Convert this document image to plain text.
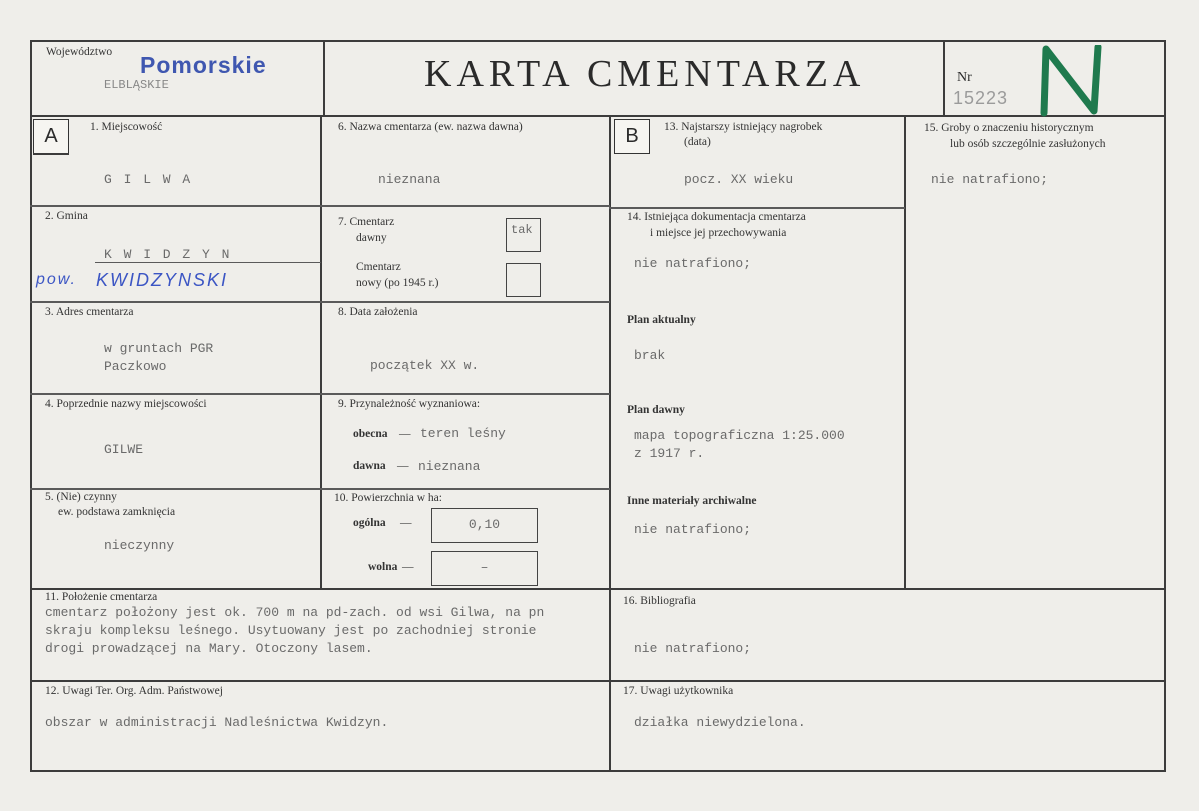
Województwo Pomorskie
ELBLĄSKIE	KARTA CMENTARZA	Nr
15223
A	B
1. Miejscowość
G I L W A
2. Gmina
K W I D Z Y N
pow. KWIDZYNSKI
3. Adres cmentarza
w gruntach PGR
Paczkowo
4. Poprzednie nazwy miejscowości
GILWE
5. (Nie) czynny
ew. podstawa zamknięcia
nieczynny
6. Nazwa cmentarza (ew. nazwa dawna)
nieznana
7. Cmentarz
dawny
tak
Cmentarz
nowy (po 1945 r.)
8. Data założenia
początek XX w.
9. Przynależność wyznaniowa:
obecna — teren leśny
dawna — nieznana
10. Powierzchnia w ha:
ogólna —	0,10
wolna —	–
11. Położenie cmentarza
cmentarz położony jest ok. 700 m na pd-zach. od wsi Gilwa, na pn
skraju kompleksu leśnego. Usytuowany jest po zachodniej stronie
drogi prowadzącej na Mary. Otoczony lasem.
12. Uwagi Ter. Org. Adm. Państwowej
obszar w administracji Nadleśnictwa Kwidzyn.
13. Najstarszy istniejący nagrobek
(data)
pocz. XX wieku
14. Istniejąca dokumentacja cmentarza
i miejsce jej przechowywania
nie natrafiono;
Plan aktualny
brak
Plan dawny
mapa topograficzna 1:25.000
z 1917 r.
Inne materiały archiwalne
nie natrafiono;
15. Groby o znaczeniu historycznym
lub osób szczególnie zasłużonych
nie natrafiono;
16. Bibliografia
nie natrafiono;
17. Uwagi użytkownika
działka niewydzielona.
